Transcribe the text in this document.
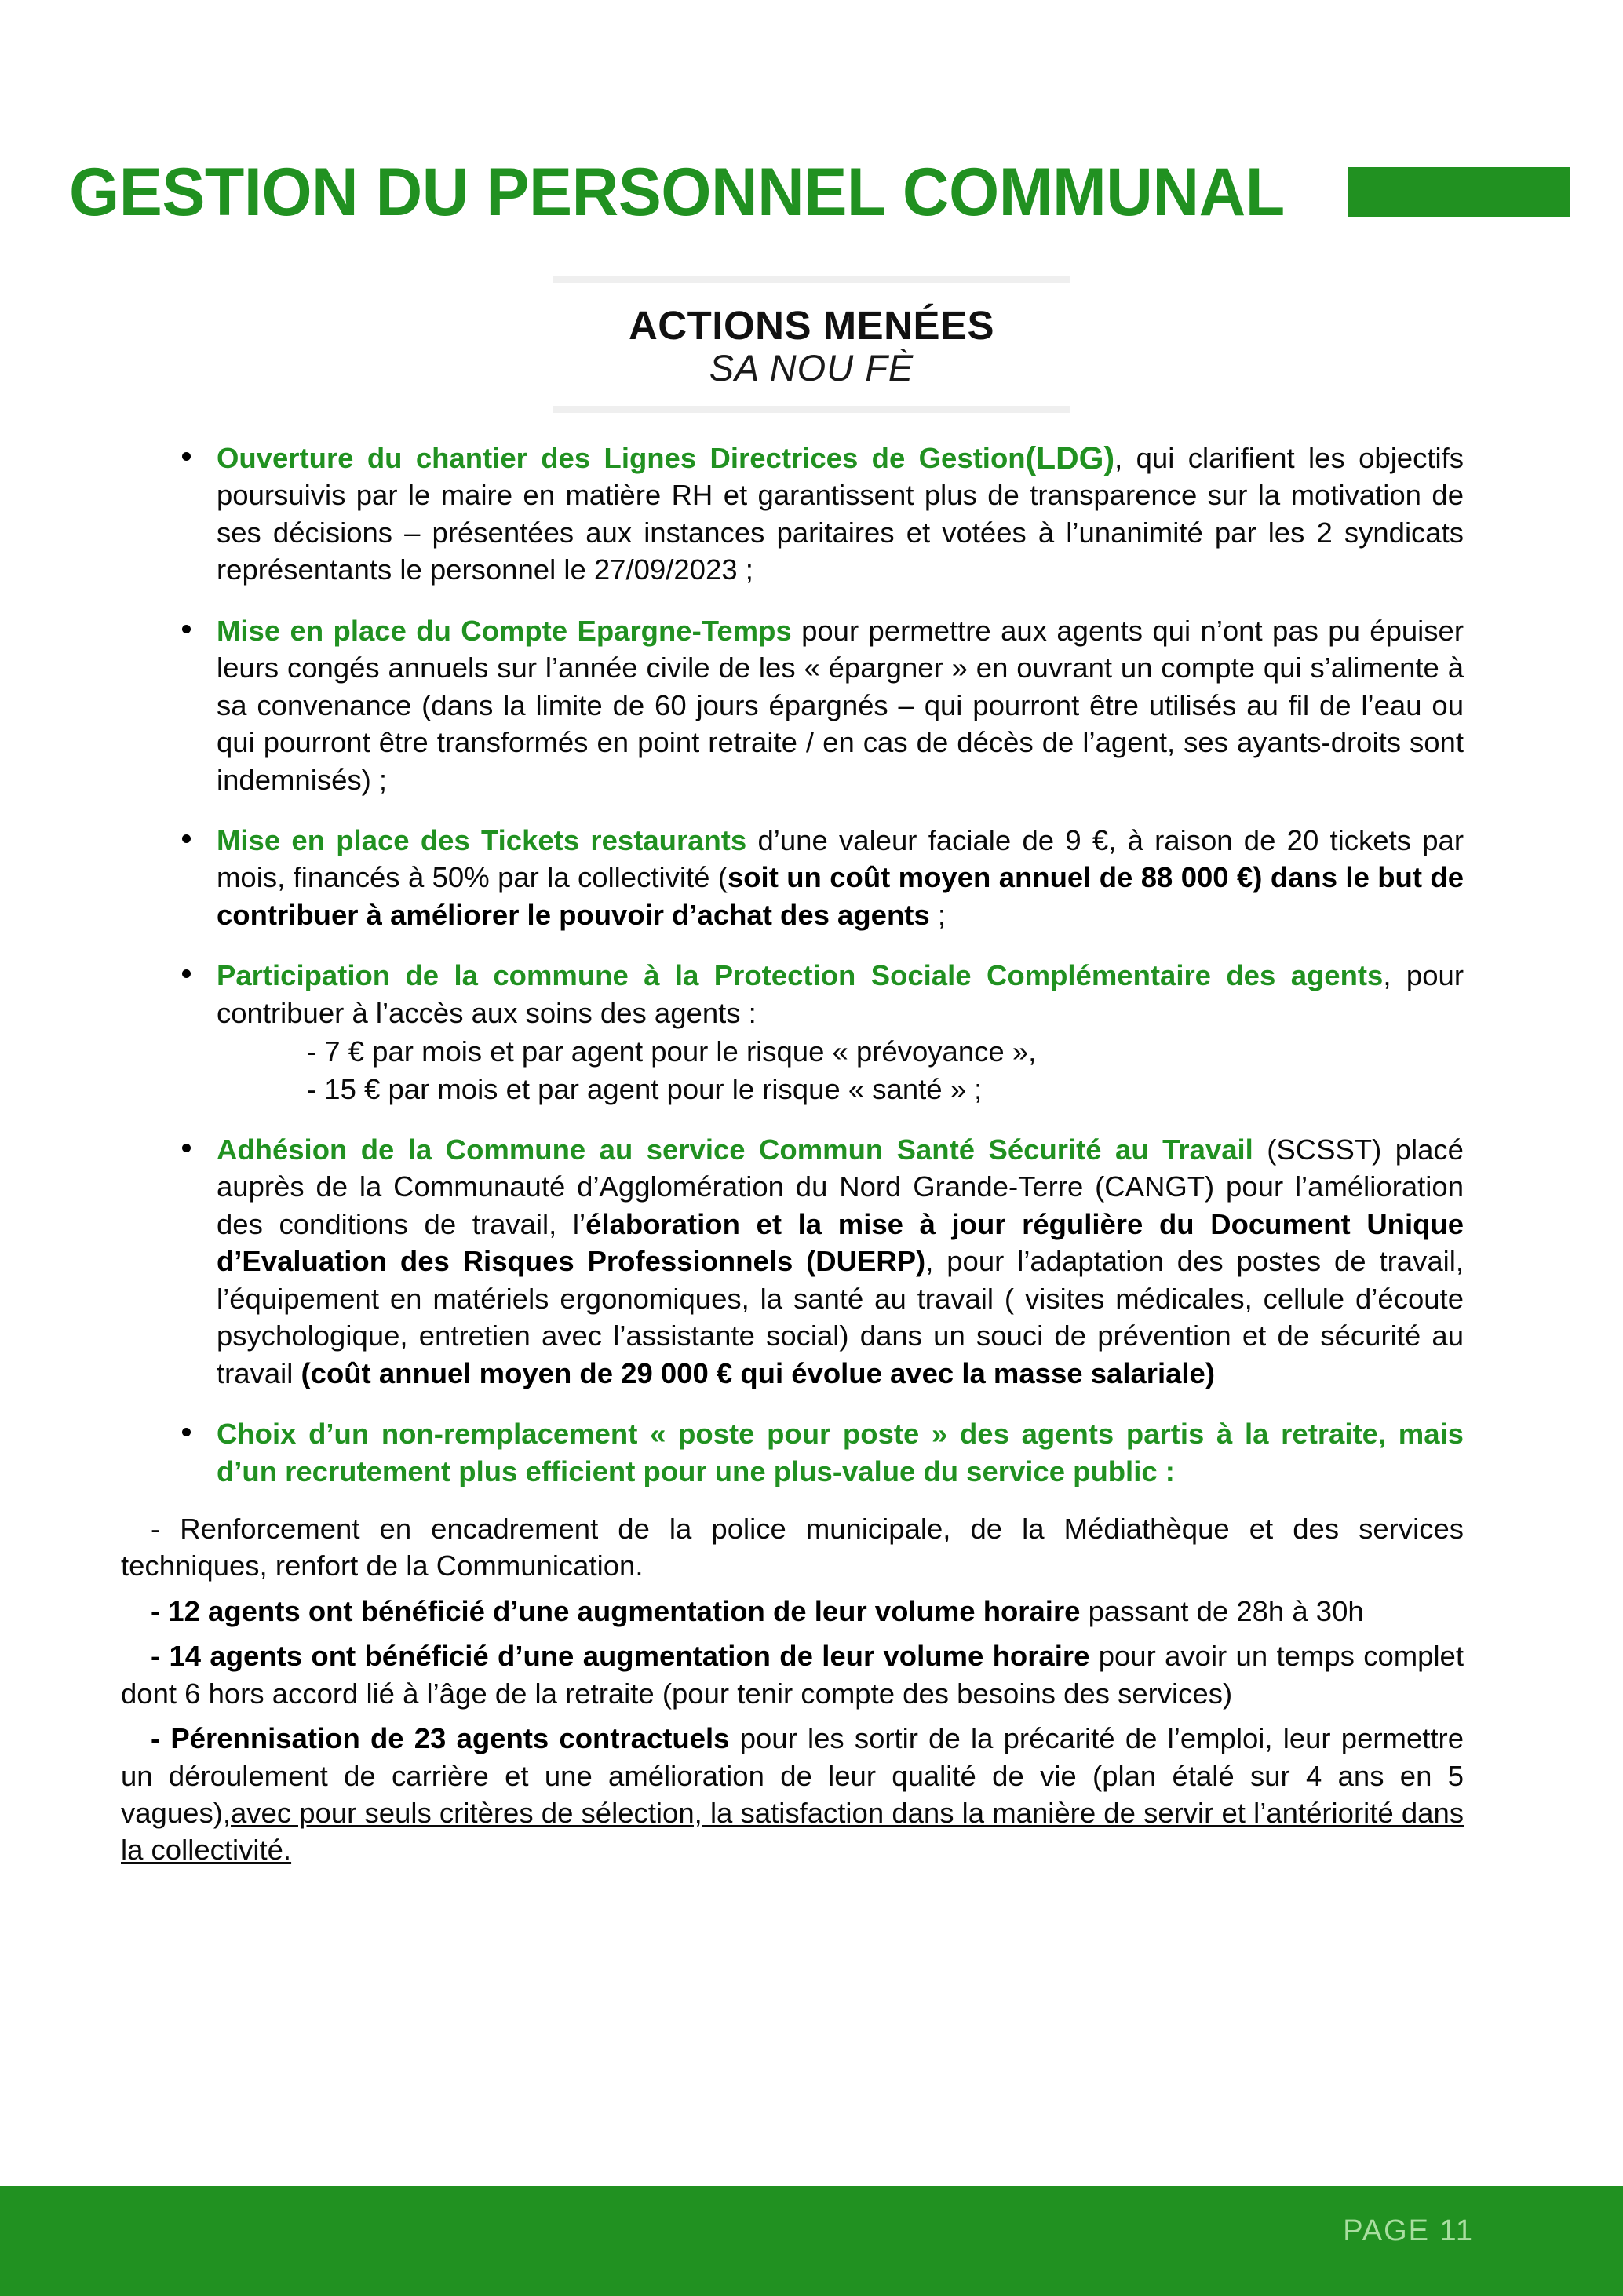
GESTION DU PERSONNEL COMMUNAL
ACTIONS MENÉES
SA NOU FÈ
Ouverture du chantier des Lignes Directrices de Gestion(LDG), qui clarifient les objectifs poursuivis par le maire en matière RH et garantissent plus de transparence sur la motivation de ses décisions – présentées aux instances paritaires et votées à l’unanimité par les 2 syndicats représentants le personnel le 27/09/2023 ;
Mise en place du Compte Epargne-Temps pour permettre aux agents qui n’ont pas pu épuiser leurs congés annuels sur l’année civile de les « épargner » en ouvrant un compte qui s’alimente à sa convenance (dans la limite de 60 jours épargnés – qui pourront être utilisés au fil de l’eau ou qui pourront être transformés en point retraite / en cas de décès de l’agent, ses ayants-droits sont indemnisés) ;
Mise en place des Tickets restaurants d’une valeur faciale de 9 €, à raison de 20 tickets par mois, financés à 50% par la collectivité (soit un coût moyen annuel de 88 000 €) dans le but de contribuer à améliorer le pouvoir d’achat des agents ;
Participation de la commune à la Protection Sociale Complémentaire des agents, pour contribuer à l’accès aux soins des agents :
- 7 € par mois et par agent pour le risque « prévoyance »,
- 15 € par mois et par agent pour le risque « santé » ;
Adhésion de la Commune au service Commun Santé Sécurité au Travail (SCSST) placé auprès de la Communauté d’Agglomération du Nord Grande-Terre (CANGT) pour l’amélioration des conditions de travail, l’élaboration et la mise à jour régulière du Document Unique d’Evaluation des Risques Professionnels (DUERP), pour l’adaptation des postes de travail, l’équipement en matériels ergonomiques, la santé au travail ( visites médicales, cellule d’écoute psychologique, entretien avec l’assistante social) dans un souci de prévention et de sécurité au travail (coût annuel moyen de 29 000 € qui évolue avec la masse salariale)
Choix d’un non-remplacement « poste pour poste » des agents partis à la retraite, mais d’un recrutement plus efficient pour une plus-value du service public :

- Renforcement en encadrement de la police municipale, de la Médiathèque et des services techniques, renfort de la Communication.

- 12 agents ont bénéficié d’une augmentation de leur volume horaire passant de 28h à 30h

- 14 agents ont bénéficié d’une augmentation de leur volume horaire pour avoir un temps complet dont 6 hors accord lié à l’âge de la retraite (pour tenir compte des besoins des services)

- Pérennisation de 23 agents contractuels pour les sortir de la précarité de l’emploi, leur permettre un déroulement de carrière et une amélioration de leur qualité de vie (plan étalé sur 4 ans en 5 vagues),avec pour seuls critères de sélection, la satisfaction dans la manière de servir et l’antériorité dans la collectivité.

PAGE 11
